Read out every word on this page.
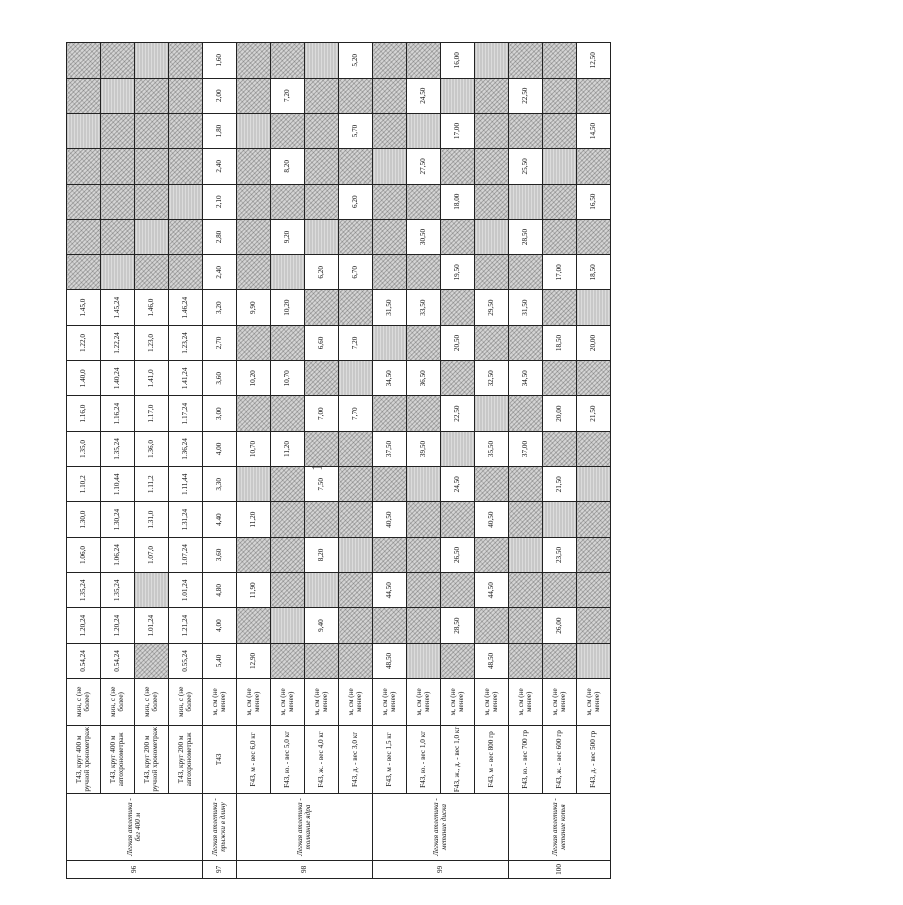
96	Легкая атлетика - бег 400 м	Т43, круг 400 м ручной хронометраж	мин, с (не более)	0.54,24	1.20,24	1.35,24	1.06,0	1.30,0	1.10,2	1.35,0	1.16,0	1.40,0	1.22,0	1.45,0							
		Т43, круг 400 м автохронометраж	мин, с (не более)	0.54,24	1.20,24	1.35,24	1.06,24	1.30,24	1.10,44	1.35,24	1.16,24	1.40,24	1.22,24	1.45,24							
		Т43, круг 200 м ручной хронометраж	мин, с (не более)		1.01,24		1.07,0	1.31,0	1.11,2	1.36,0	1.17,0	1.41,0	1.23,0	1.46,0							
		Т43, круг 200 м автохронометраж	мин, с (не более)	0.55,24	1.21,24	1.01,24	1.07,24	1.31,24	1.11,44	1.36,24	1.17,24	1.41,24	1.23,24	1.46,24							
97	Легкая атлетика - прыжки в длину	Т43	м, см (не менее)	5,40	4,00	4,80	3,60	4,40	3,30	4,00	3,00	3,60	2,70	3,20	2,40	2,80	2,10	2,40	1,80	2,00	1,60
98	Легкая атлетика - толкание ядра	F43, м - вес 6,0 кг	м, см (не менее)	12,90		11,90		11,20		10,70		10,20		9,90							
		F43, ю. - вес 5,0 кг	м, см (не менее)							11,20		10,70		10,20		9,20		8,20		7,20	
		F43, ж. - вес 4,0 кг	м, см (не менее)		9,40		8,20		7,50		7,00		6,60		6,20						
		F43, д. - вес 3,0 кг	м, см (не менее)								7,70		7,20		6,70		6,20		5,70		5,20
99	Легкая атлетика - метание диска	F43, м - вес 1,5 кг	м, см (не менее)	48,50		44,50		40,50		37,50		34,50		31,50							
		F43, ю. - вес 1,0 кг	м, см (не менее)							39,50		36,50		33,50		30,50		27,50		24,50	
		F43, ж., д. - вес 1,0 кг	м, см (не менее)		28,50		26,50		24,50		22,50		20,50		19,50		18,00		17,00		16,00
		F43, м - вес 800 гр	м, см (не менее)	48,50		44,50		40,50		35,50		32,50		29,50							
100	Легкая атлетика - метание копья	F43, ю. - вес 700 гр	м, см (не менее)							37,00		34,50		31,50		28,50		25,50		22,50	
		F43, ж. - вес 600 гр	м, см (не менее)		26,00		23,50		21,50		20,00		18,50		17,00						
		F43, д. - вес 500 гр	м, см (не менее)								21,50		20,00		18,50		16,50		14,50		12,50
